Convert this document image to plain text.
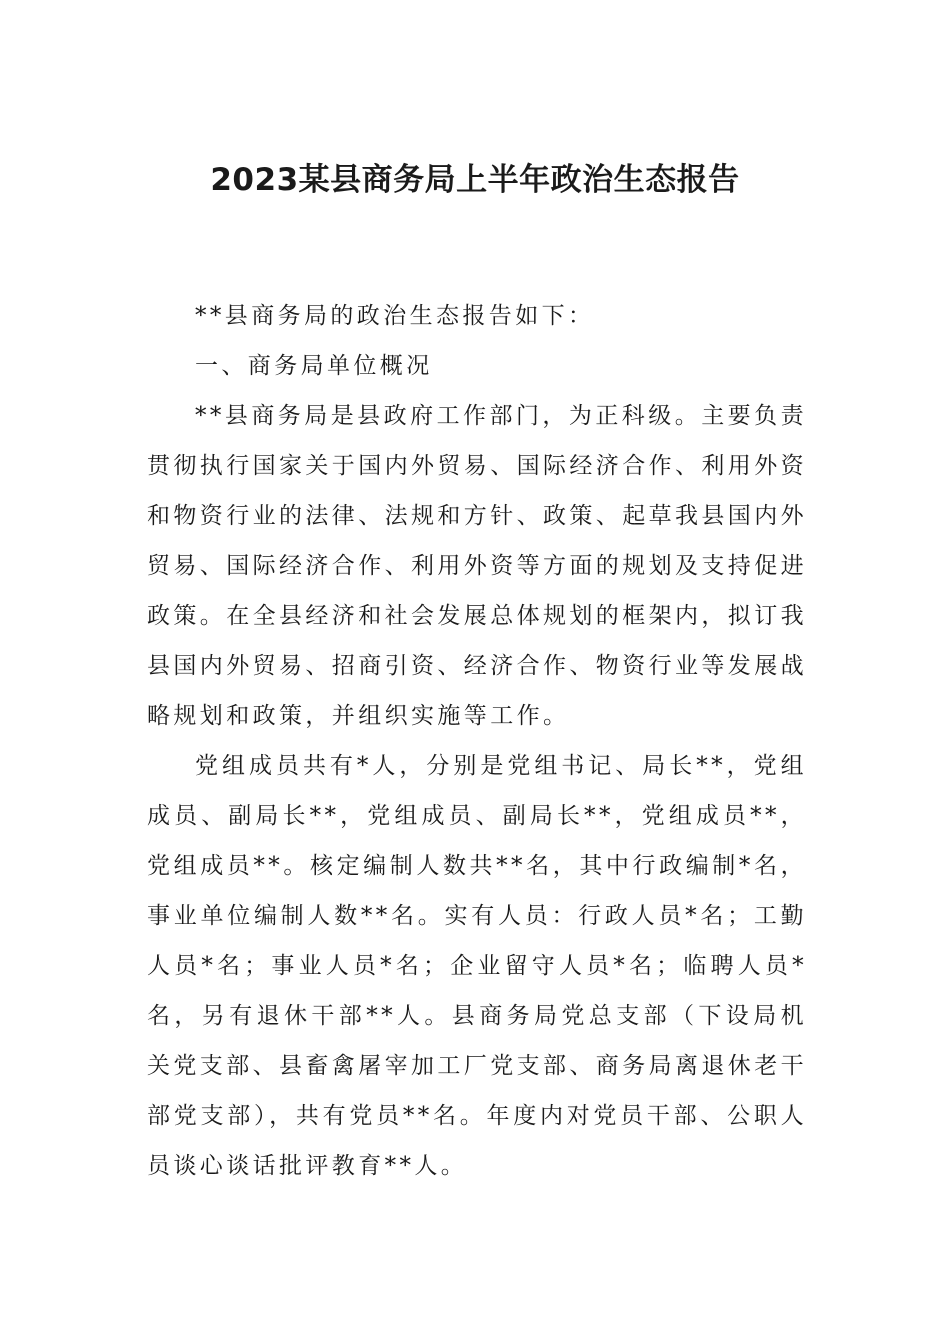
2023某县商务局上半年政治生态报告

**县商务局的政治生态报告如下：

一、商务局单位概况

**县商务局是县政府工作部门，为正科级。主要负责贯彻执行国家关于国内外贸易、国际经济合作、利用外资和物资行业的法律、法规和方针、政策、起草我县国内外贸易、国际经济合作、利用外资等方面的规划及支持促进政策。在全县经济和社会发展总体规划的框架内，拟订我县国内外贸易、招商引资、经济合作、物资行业等发展战略规划和政策，并组织实施等工作。

党组成员共有*人，分别是党组书记、局长**，党组成员、副局长**，党组成员、副局长**，党组成员**，党组成员**。核定编制人数共**名，其中行政编制*名，事业单位编制人数**名。实有人员：行政人员*名；工勤人员*名；事业人员*名；企业留守人员*名；临聘人员*名，另有退休干部**人。县商务局党总支部（下设局机关党支部、县畜禽屠宰加工厂党支部、商务局离退休老干部党支部），共有党员**名。年度内对党员干部、公职人员谈心谈话批评教育**人。
